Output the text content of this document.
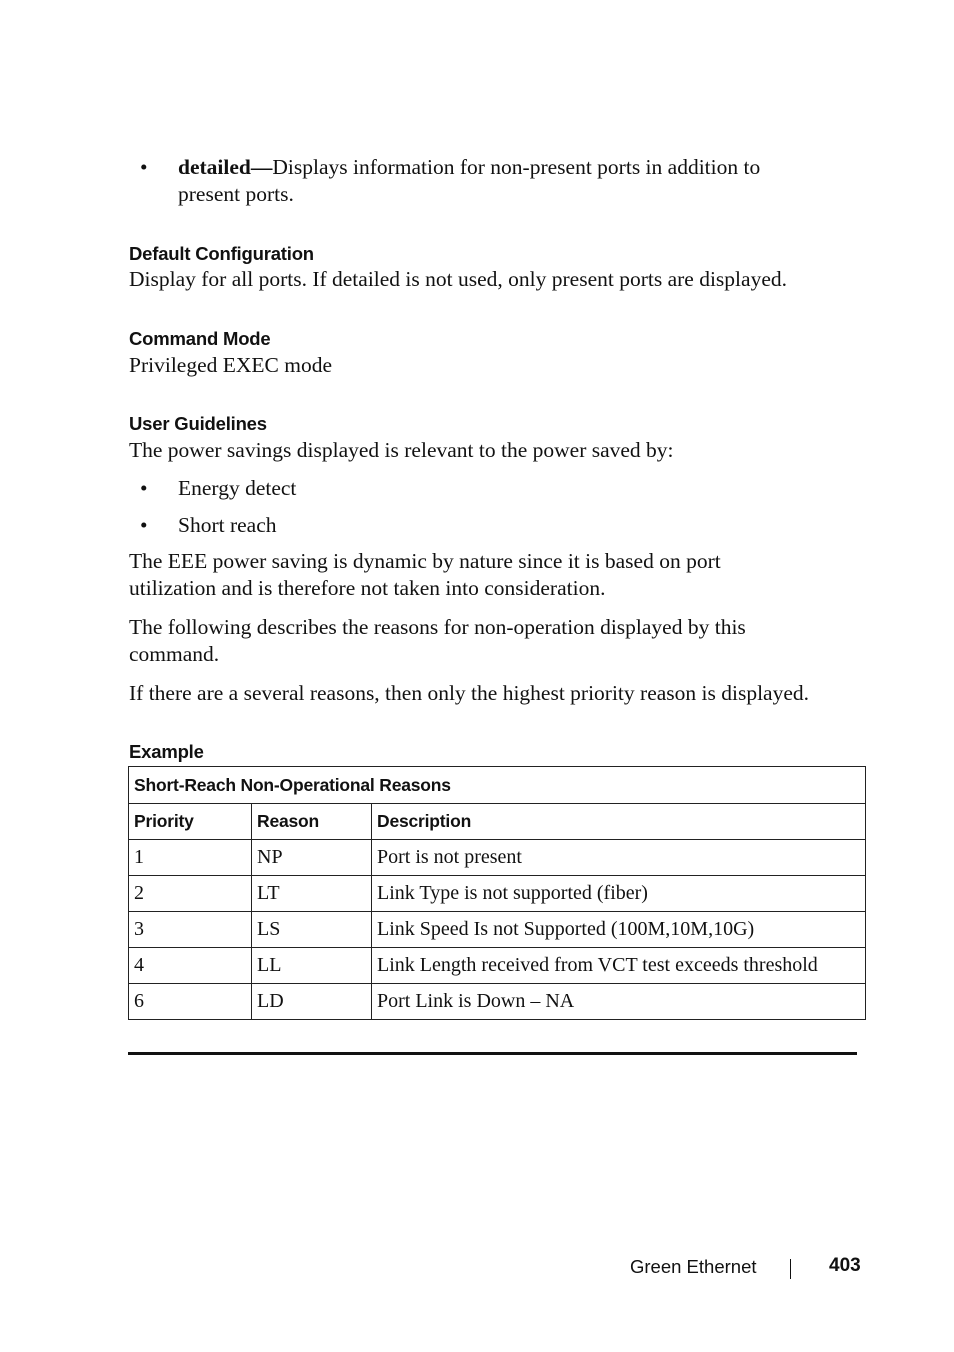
• detailed—Displays information for non-present ports in addition to
present ports.
Default Configuration
Display for all ports. If detailed is not used, only present ports are displayed.
Command Mode
Privileged EXEC mode
User Guidelines
The power savings displayed is relevant to the power saved by:
• Energy detect
• Short reach
The EEE power saving is dynamic by nature since it is based on port
utilization and is therefore not taken into consideration.
The following describes the reasons for non-operation displayed by this
command.
If there are a several reasons, then only the highest priority reason is displayed.
Example
Short-Reach Non-Operational Reasons		
Priority	Reason	Description
1	NP	Port is not present
2	LT	Link Type is not supported (fiber)
3	LS	Link Speed Is not Supported (100M,10M,10G)
4	LL	Link Length received from VCT test exceeds threshold
6	LD	Port Link is Down – NA
Green Ethernet	403
